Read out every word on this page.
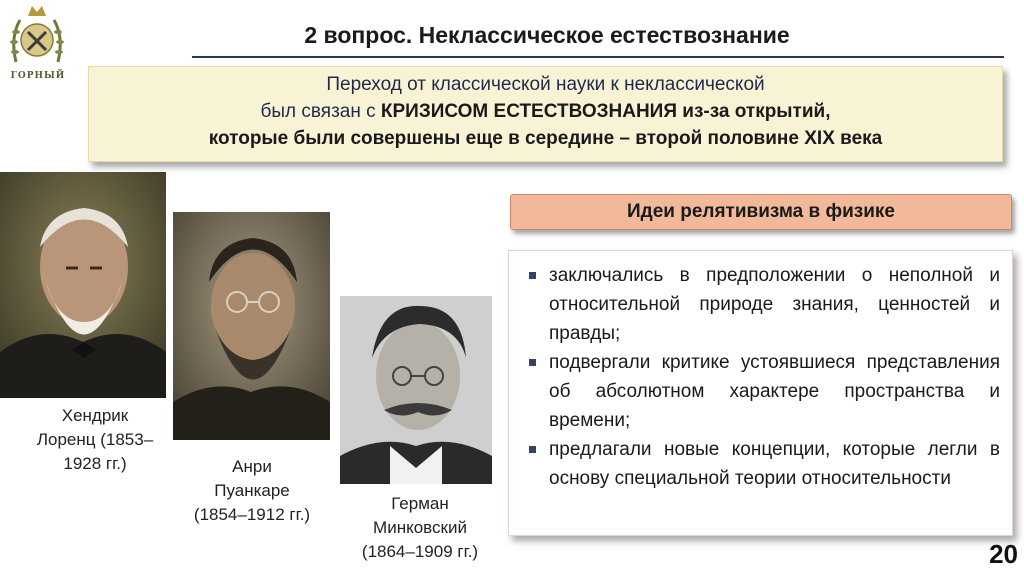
ГОРНЫЙ
2 вопрос. Неклассическое естествознание
Переход от классической науки к неклассической
был связан с КРИЗИСОМ ЕСТЕСТВОЗНАНИЯ из-за открытий,
которые были совершены еще в середине – второй половине XIX века
Хендрик
Лоренц (1853–
1928 гг.)	Анри
Пуанкаре
(1854–1912 гг.)
Герман
Минковский
(1864–1909 гг.)
Идеи релятивизма в физике
заключались в предположении о неполной и относительной природе знания, ценностей и правды;
подвергали критике устоявшиеся представления об абсолютном характере пространства и времени;
предлагали новые концепции, которые легли в основу специальной теории относительности
20
